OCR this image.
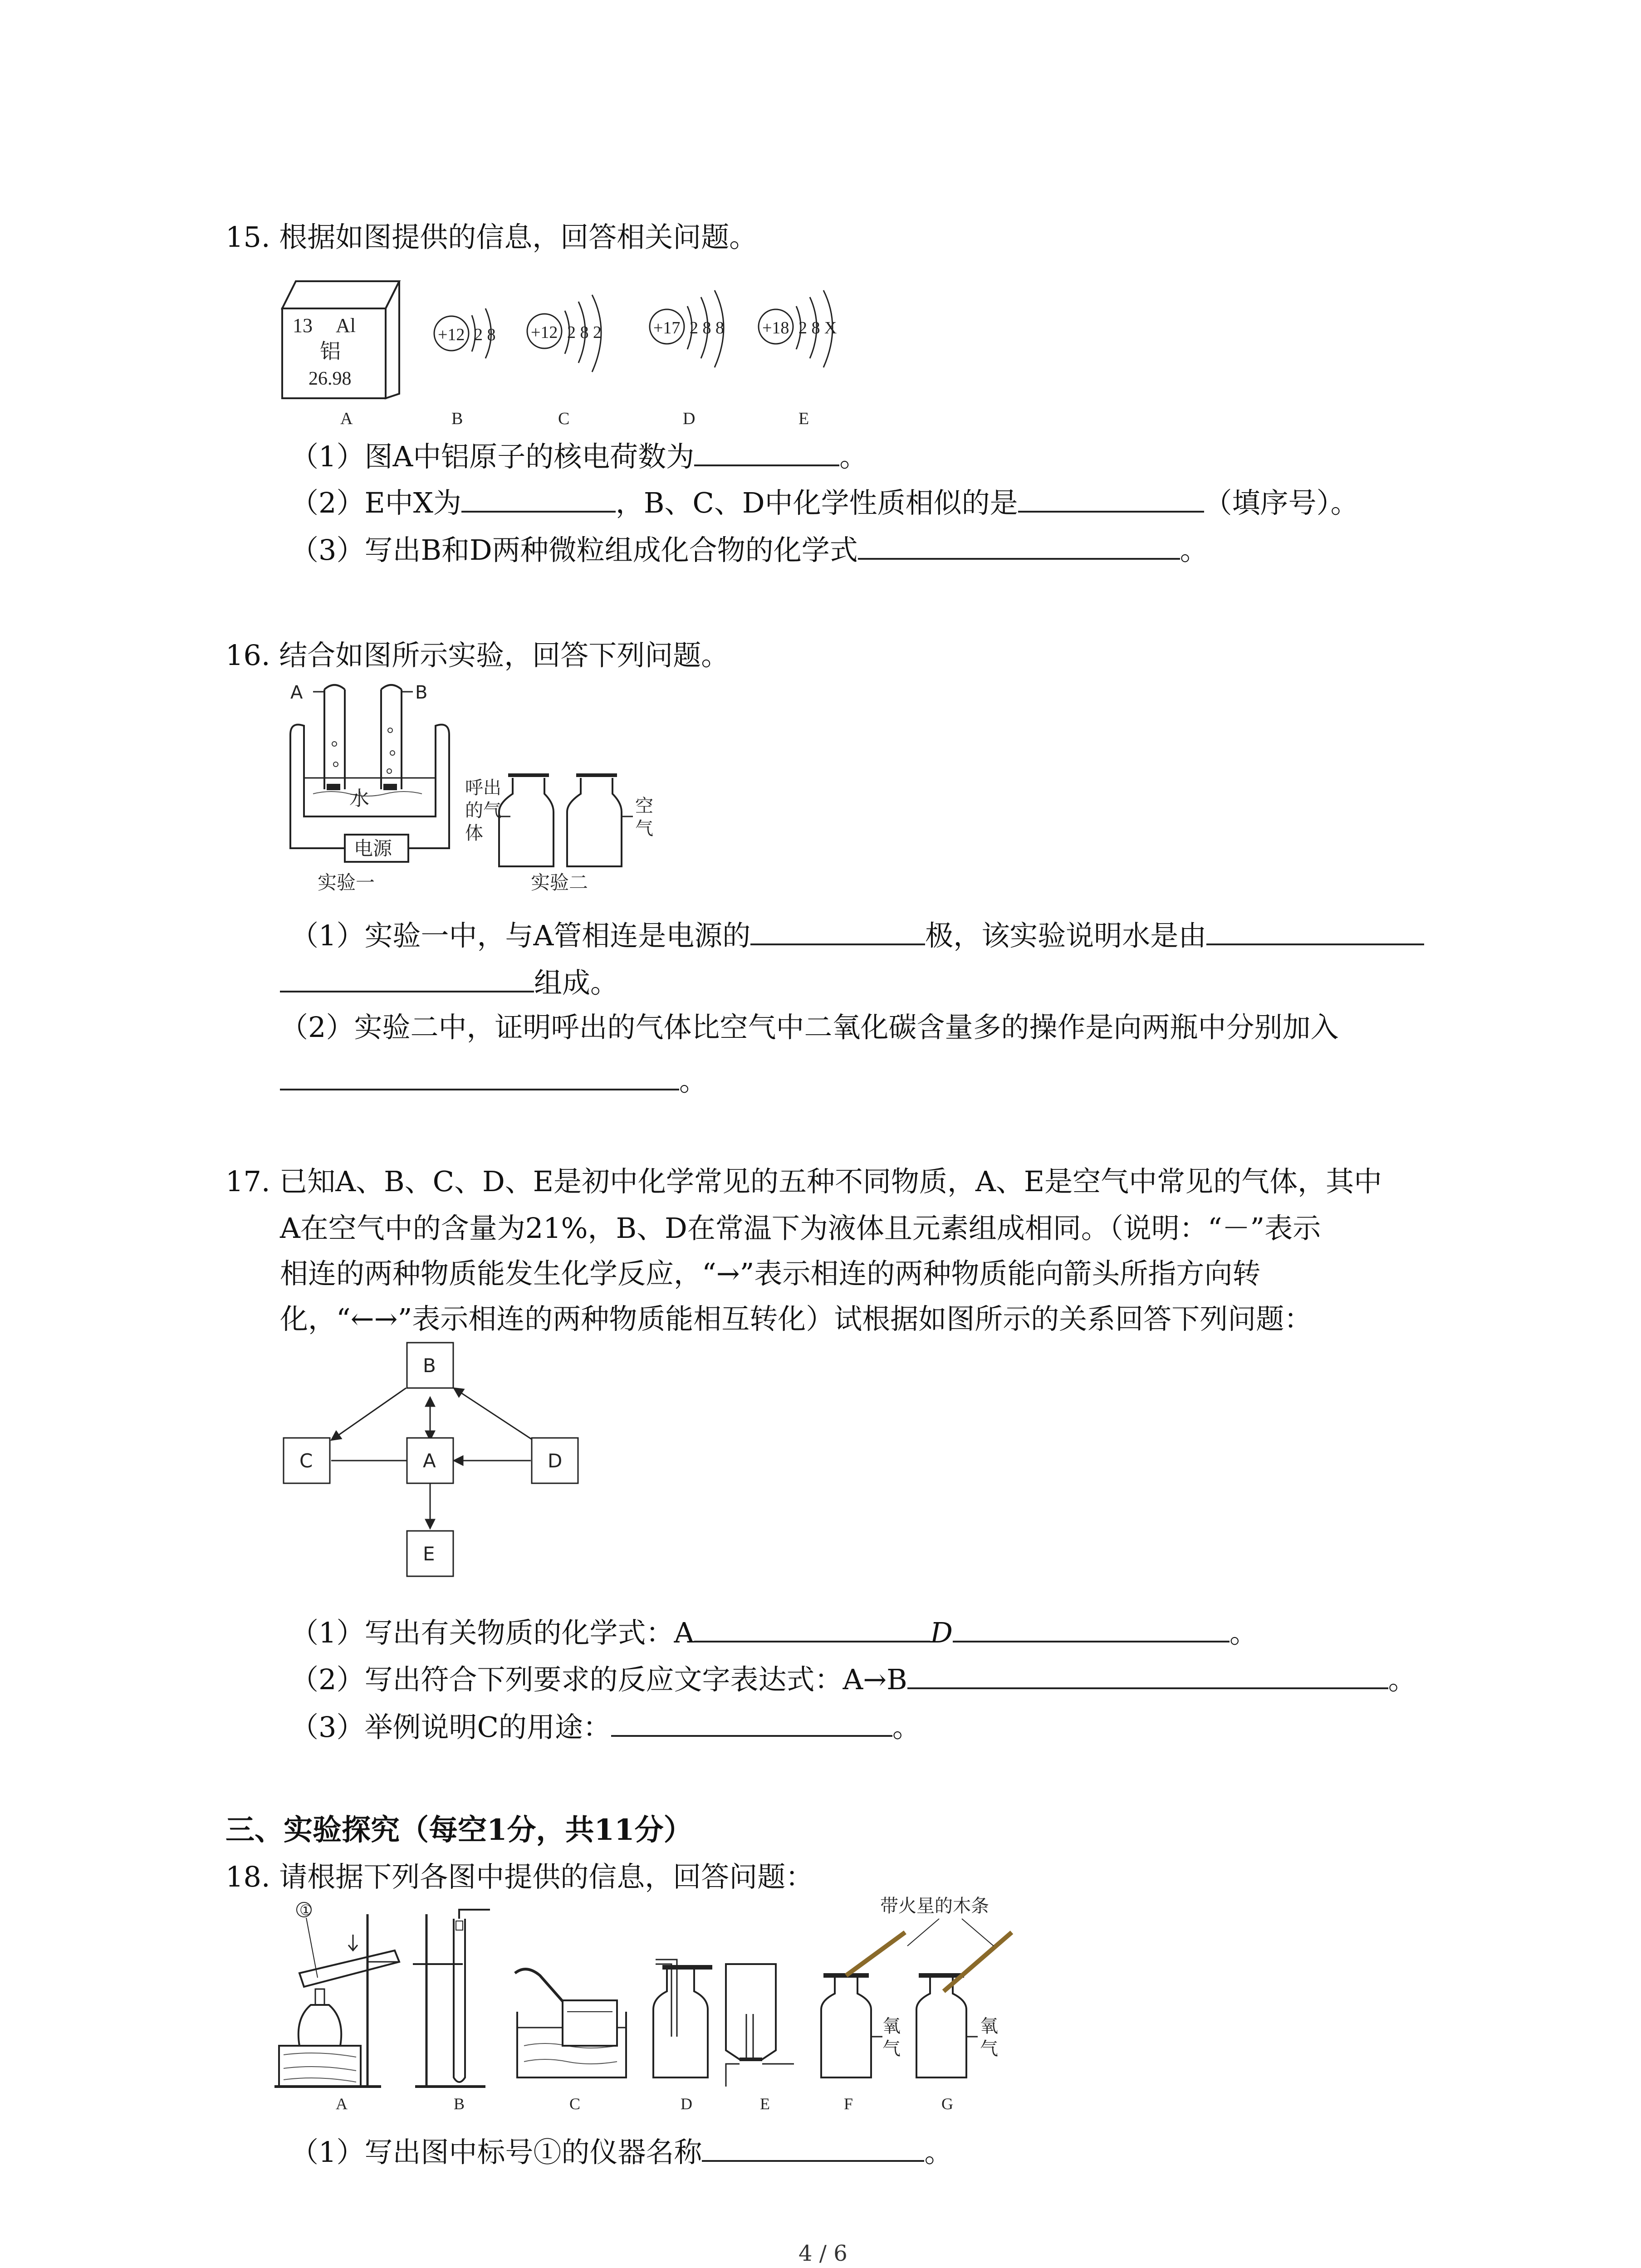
15. 根据如图提供的信息，回答相关问题。
13 Al
铝
26.98
+12 2 8 +12 2 8 2	+17 2 8 8 +18 2 8 X
A	B	C	D	E
（1）图A中铝原子的核电荷数为	。
（2）E中X为	，B、C、D中化学性质相似的是	（填序号）。
（3）写出B和D两种微粒组成化合物的化学式	。
16. 结合如图所示实验，回答下列问题。
水
A	B
电源
实验一
呼出
的气
体
空
气
实验二
（1）实验一中，与A管相连是电源的	极，该实验说明水是由
组成。
（2）实验二中，证明呼出的气体比空气中二氧化碳含量多的操作是向两瓶中分别加入
。
17. 已知A、B、C、D、E是初中化学常见的五种不同物质，A、E是空气中常见的气体，其中
A在空气中的含量为21%，B、D在常温下为液体且元素组成相同。（说明：“－”表示
相连的两种物质能发生化学反应，“→”表示相连的两种物质能向箭头所指方向转
化，“←→”表示相连的两种物质能相互转化）试根据如图所示的关系回答下列问题：
B
C	A	D
E
（1）写出有关物质的化学式：A	D	。
（2）写出符合下列要求的反应文字表达式：A→B	。
（3）举例说明C的用途：	。
三、实验探究（每空1分，共11分）
18. 请根据下列各图中提供的信息，回答问题：
①
氧
气
氧
气
带火星的木条
A	B	C	D	E	F	G
（1）写出图中标号①的仪器名称	。
4 / 6
